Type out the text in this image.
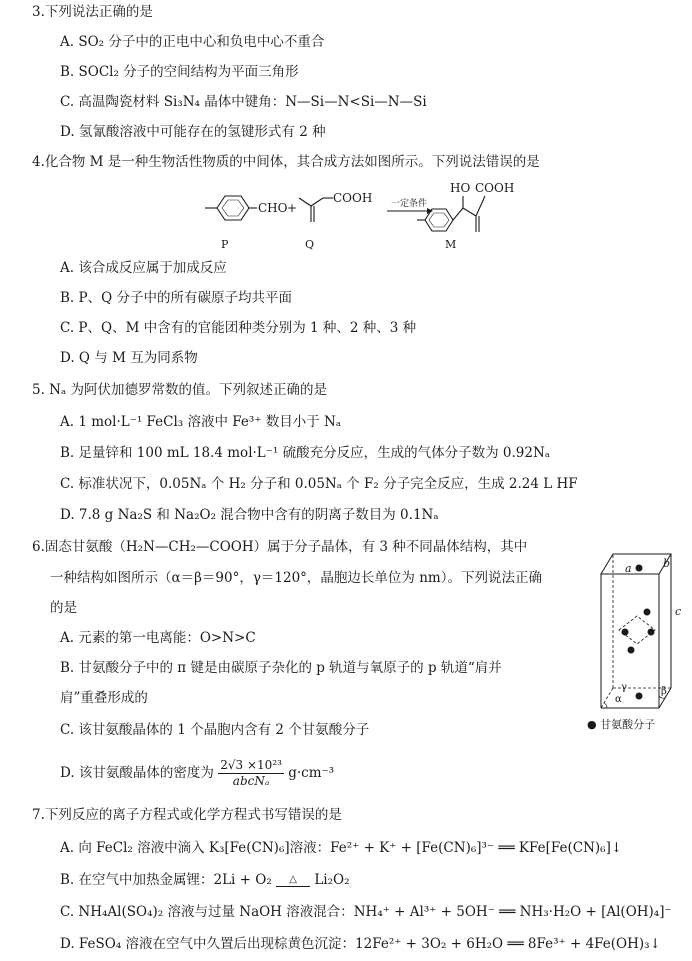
3.下列说法正确的是
A. SO₂ 分子中的正电中心和负电中心不重合
B. SOCl₂ 分子的空间结构为平面三角形
C. 高温陶瓷材料 Si₃N₄ 晶体中键角：N—Si—N<Si—N—Si
D. 氢氰酸溶液中可能存在的氢键形式有 2 种
4.化合物 M 是一种生物活性物质的中间体，其合成方法如图所示。下列说法错误的是
CHO +
COOH 一定条件
HO COOH
P	Q	M
A. 该合成反应属于加成反应
B. P、Q 分子中的所有碳原子均共平面
C. P、Q、M 中含有的官能团种类分别为 1 种、2 种、3 种
D. Q 与 M 互为同系物
5. Nₐ 为阿伏加德罗常数的值。下列叙述正确的是
A. 1 mol·L⁻¹ FeCl₃ 溶液中 Fe³⁺ 数目小于 Nₐ
B. 足量锌和 100 mL 18.4 mol·L⁻¹ 硫酸充分反应，生成的气体分子数为 0.92Nₐ
C. 标准状况下，0.05Nₐ 个 H₂ 分子和 0.05Nₐ 个 F₂ 分子完全反应，生成 2.24 L HF
D. 7.8 g Na₂S 和 Na₂O₂ 混合物中含有的阴离子数目为 0.1Nₐ
6.固态甘氨酸（H₂N—CH₂—COOH）属于分子晶体，有 3 种不同晶体结构，其中
一种结构如图所示（α＝β＝90°，γ＝120°，晶胞边长单位为 nm）。下列说法正确
的是
A. 元素的第一电离能：O>N>C
B. 甘氨酸分子中的 π 键是由碳原子杂化的 p 轨道与氧原子的 p 轨道“肩并
肩”重叠形成的
C. 该甘氨酸晶体的 1 个晶胞内含有 2 个甘氨酸分子
D. 该甘氨酸晶体的密度为 $\frac{\text{2√3 ×10²³}}{\text{abcNₐ}} g\cdot cm^{-3}$
a	b
c
α
β
γ
● 甘氨酸分子
7.下列反应的离子方程式或化学方程式书写错误的是
A. 向 FeCl₂ 溶液中滴入 K₃[Fe(CN)₆]溶液：Fe²⁺ + K⁺ + [Fe(CN)₆]³⁻ ══ KFe[Fe(CN)₆]↓
B. 在空气中加热金属锂：2Li + O₂	△	Li₂O₂
C. NH₄Al(SO₄)₂ 溶液与过量 NaOH 溶液混合：NH₄⁺ + Al³⁺ + 5OH⁻ ══ NH₃·H₂O + [Al(OH)₄]⁻
D. FeSO₄ 溶液在空气中久置后出现棕黄色沉淀：12Fe²⁺ + 3O₂ + 6H₂O ══ 8Fe³⁺ + 4Fe(OH)₃↓
